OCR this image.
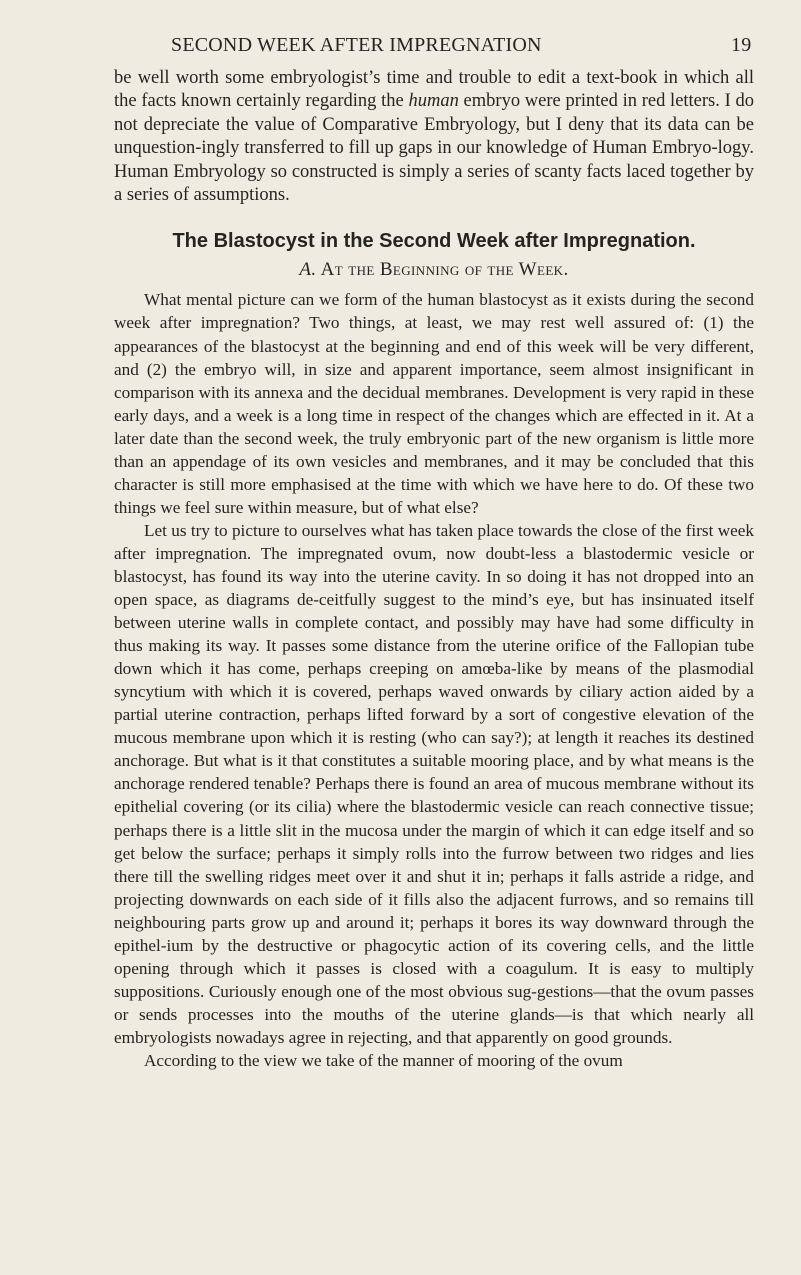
SECOND WEEK AFTER IMPREGNATION	19

be well worth some embryologist’s time and trouble to edit a text-book in which all the facts known certainly regarding the human embryo were printed in red letters. I do not depreciate the value of Comparative Embryology, but I deny that its data can be unquestion-ingly transferred to fill up gaps in our knowledge of Human Embryo-logy. Human Embryology so constructed is simply a series of scanty facts laced together by a series of assumptions.

The Blastocyst in the Second Week after Impregnation.
A. At the Beginning of the Week.

What mental picture can we form of the human blastocyst as it exists during the second week after impregnation? Two things, at least, we may rest well assured of: (1) the appearances of the blastocyst at the beginning and end of this week will be very different, and (2) the embryo will, in size and apparent importance, seem almost insignificant in comparison with its annexa and the decidual membranes. Development is very rapid in these early days, and a week is a long time in respect of the changes which are effected in it. At a later date than the second week, the truly embryonic part of the new organism is little more than an appendage of its own vesicles and membranes, and it may be concluded that this character is still more emphasised at the time with which we have here to do. Of these two things we feel sure within measure, but of what else?

Let us try to picture to ourselves what has taken place towards the close of the first week after impregnation. The impregnated ovum, now doubt-less a blastodermic vesicle or blastocyst, has found its way into the uterine cavity. In so doing it has not dropped into an open space, as diagrams de-ceitfully suggest to the mind’s eye, but has insinuated itself between uterine walls in complete contact, and possibly may have had some difficulty in thus making its way. It passes some distance from the uterine orifice of the Fallopian tube down which it has come, perhaps creeping on amœba-like by means of the plasmodial syncytium with which it is covered, perhaps waved onwards by ciliary action aided by a partial uterine contraction, perhaps lifted forward by a sort of congestive elevation of the mucous membrane upon which it is resting (who can say?); at length it reaches its destined anchorage. But what is it that constitutes a suitable mooring place, and by what means is the anchorage rendered tenable? Perhaps there is found an area of mucous membrane without its epithelial covering (or its cilia) where the blastodermic vesicle can reach connective tissue; perhaps there is a little slit in the mucosa under the margin of which it can edge itself and so get below the surface; perhaps it simply rolls into the furrow between two ridges and lies there till the swelling ridges meet over it and shut it in; perhaps it falls astride a ridge, and projecting downwards on each side of it fills also the adjacent furrows, and so remains till neighbouring parts grow up and around it; perhaps it bores its way downward through the epithel-ium by the destructive or phagocytic action of its covering cells, and the little opening through which it passes is closed with a coagulum. It is easy to multiply suppositions. Curiously enough one of the most obvious sug-gestions—that the ovum passes or sends processes into the mouths of the uterine glands—is that which nearly all embryologists nowadays agree in rejecting, and that apparently on good grounds.

According to the view we take of the manner of mooring of the ovum
